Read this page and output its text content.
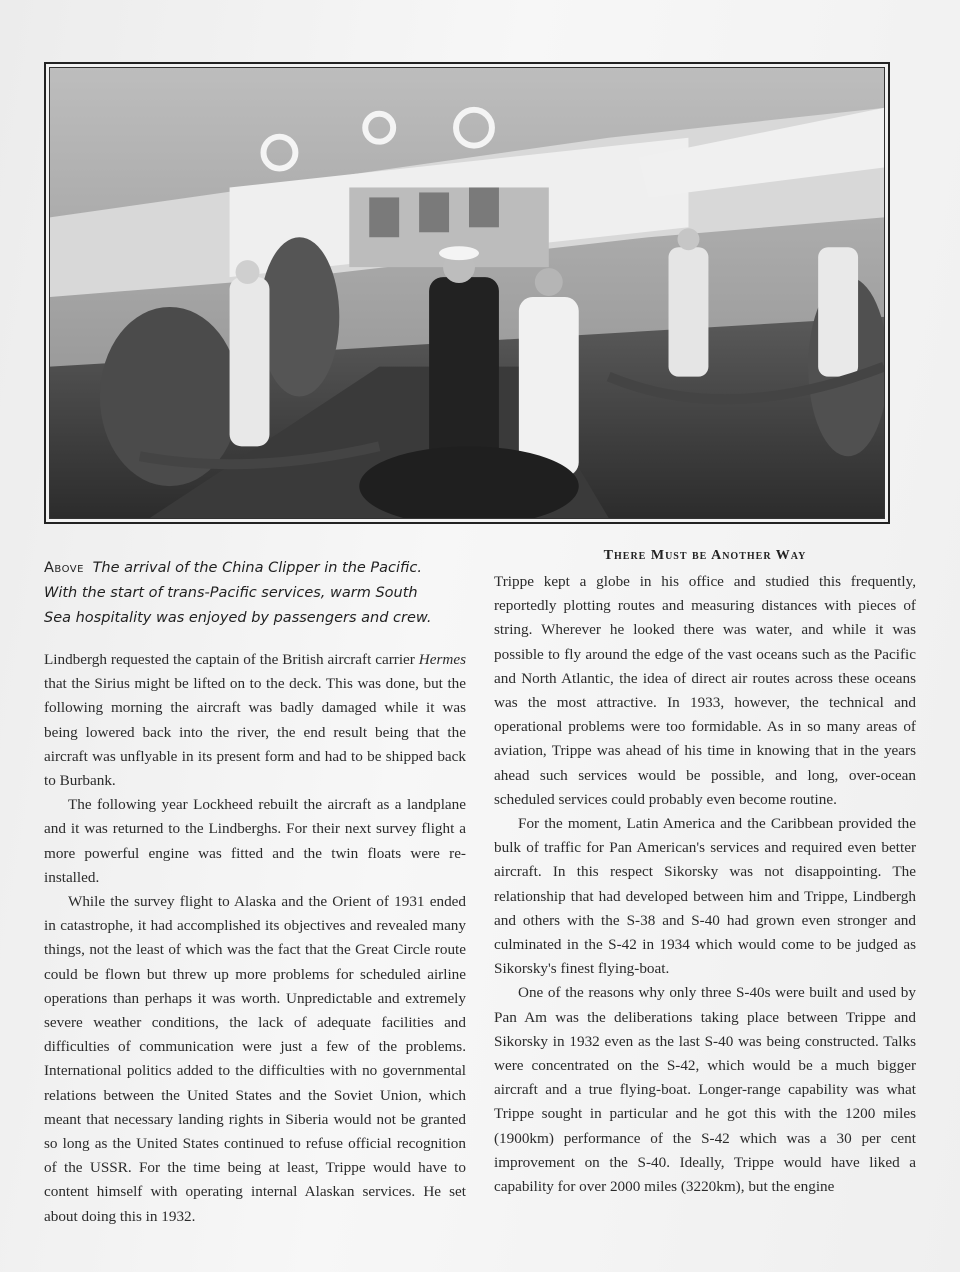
Above The arrival of the China Clipper in the Pacific. With the start of trans-Pacific services, warm South Sea hospitality was enjoyed by passengers and crew.

Lindbergh requested the captain of the British aircraft carrier Hermes that the Sirius might be lifted on to the deck. This was done, but the following morning the aircraft was badly damaged while it was being lowered back into the river, the end result being that the aircraft was unflyable in its present form and had to be shipped back to Burbank.

The following year Lockheed rebuilt the aircraft as a landplane and it was returned to the Lindberghs. For their next survey flight a more powerful engine was fitted and the twin floats were re-installed.

While the survey flight to Alaska and the Orient of 1931 ended in catastrophe, it had accomplished its objectives and revealed many things, not the least of which was the fact that the Great Circle route could be flown but threw up more problems for scheduled airline operations than perhaps it was worth. Unpredictable and extremely severe weather conditions, the lack of adequate facilities and difficulties of communication were just a few of the problems. International politics added to the difficulties with no governmental relations between the United States and the Soviet Union, which meant that necessary landing rights in Siberia would not be granted so long as the United States continued to refuse official recognition of the USSR. For the time being at least, Trippe would have to content himself with operating internal Alaskan services. He set about doing this in 1932.

There Must be Another Way

Trippe kept a globe in his office and studied this frequently, reportedly plotting routes and measuring distances with pieces of string. Wherever he looked there was water, and while it was possible to fly around the edge of the vast oceans such as the Pacific and North Atlantic, the idea of direct air routes across these oceans was the most attractive. In 1933, however, the technical and operational problems were too formidable. As in so many areas of aviation, Trippe was ahead of his time in knowing that in the years ahead such services would be possible, and long, over-ocean scheduled services could probably even become routine.

For the moment, Latin America and the Caribbean provided the bulk of traffic for Pan American's services and required even better aircraft. In this respect Sikorsky was not disappointing. The relationship that had developed between him and Trippe, Lindbergh and others with the S-38 and S-40 had grown even stronger and culminated in the S-42 in 1934 which would come to be judged as Sikorsky's finest flying-boat.

One of the reasons why only three S-40s were built and used by Pan Am was the deliberations taking place between Trippe and Sikorsky in 1932 even as the last S-40 was being constructed. Talks were concentrated on the S-42, which would be a much bigger aircraft and a true flying-boat. Longer-range capability was what Trippe sought in particular and he got this with the 1200 miles (1900km) performance of the S-42 which was a 30 per cent improvement on the S-40. Ideally, Trippe would have liked a capability for over 2000 miles (3220km), but the engine
